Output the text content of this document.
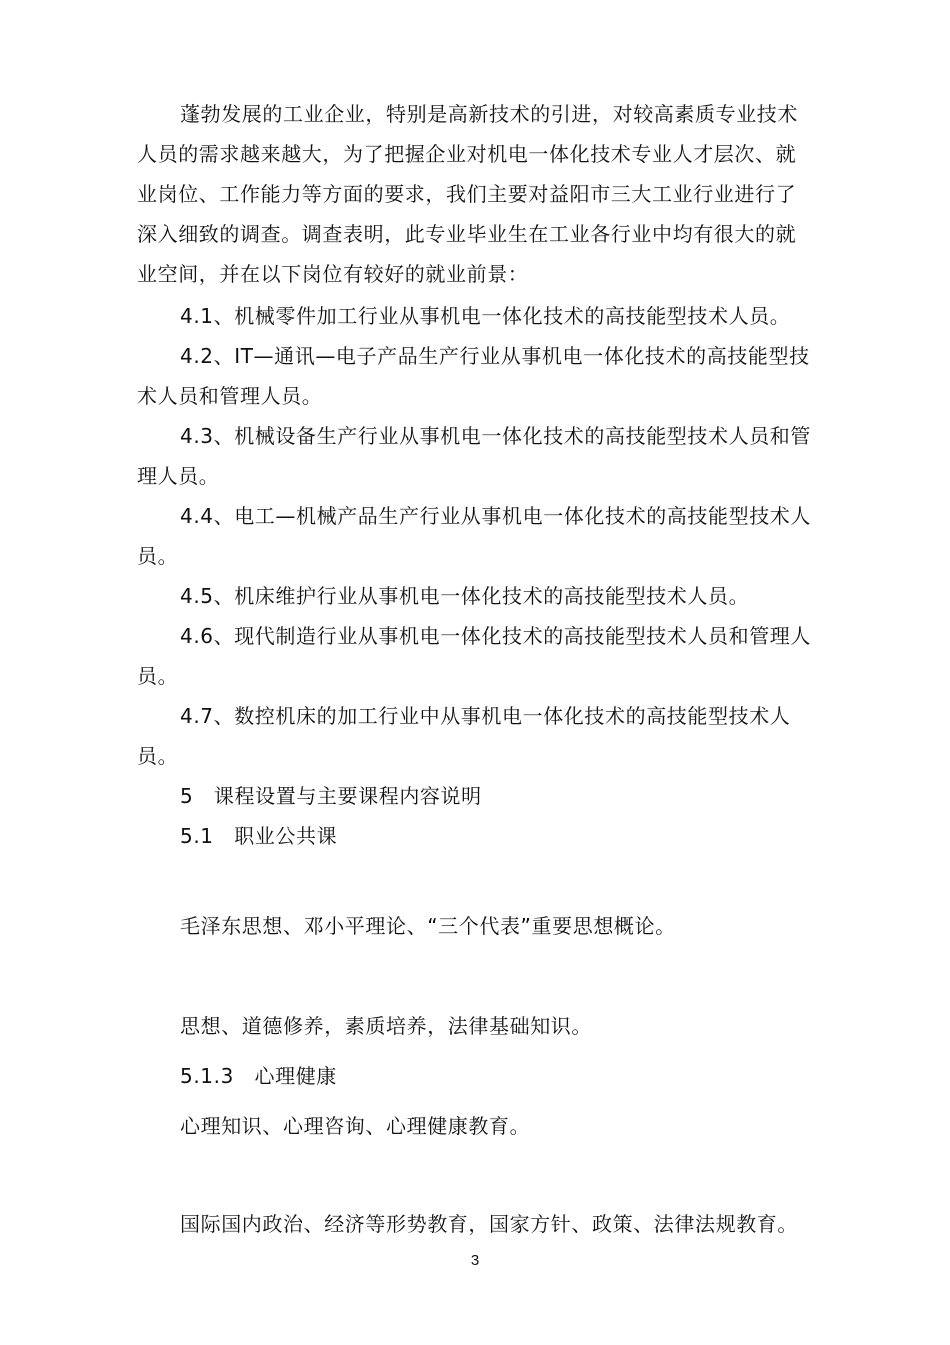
蓬勃发展的工业企业，特别是高新技术的引进，对较高素质专业技术
人员的需求越来越大，为了把握企业对机电一体化技术专业人才层次、就
业岗位、工作能力等方面的要求，我们主要对益阳市三大工业行业进行了
深入细致的调查。调查表明，此专业毕业生在工业各行业中均有很大的就
业空间，并在以下岗位有较好的就业前景：
4.1、机械零件加工行业从事机电一体化技术的高技能型技术人员。
4.2、IT—通讯—电子产品生产行业从事机电一体化技术的高技能型技
术人员和管理人员。
4.3、机械设备生产行业从事机电一体化技术的高技能型技术人员和管
理人员。
4.4、电工—机械产品生产行业从事机电一体化技术的高技能型技术人
员。
4.5、机床维护行业从事机电一体化技术的高技能型技术人员。
4.6、现代制造行业从事机电一体化技术的高技能型技术人员和管理人
员。
4.7、数控机床的加工行业中从事机电一体化技术的高技能型技术人
员。
5　课程设置与主要课程内容说明
5.1　职业公共课
毛泽东思想、邓小平理论、“三个代表”重要思想概论。
思想、道德修养，素质培养，法律基础知识。
5.1.3　心理健康
心理知识、心理咨询、心理健康教育。
国际国内政治、经济等形势教育，国家方针、政策、法律法规教育。
3
